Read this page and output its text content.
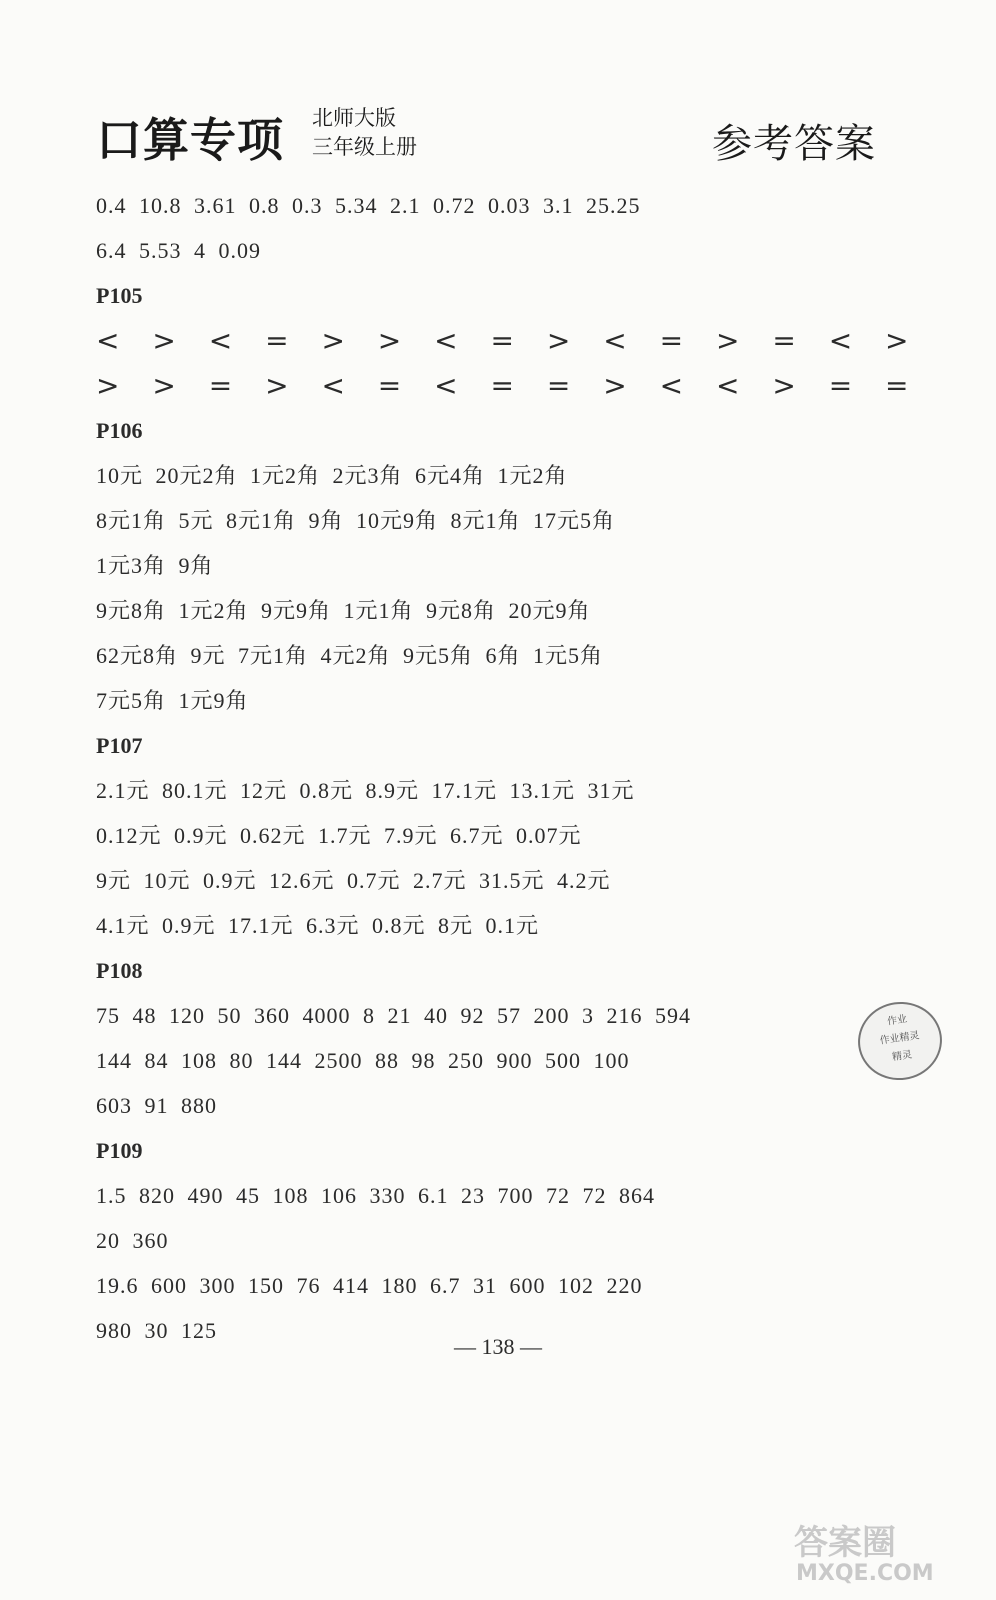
口算专项 北师大版
三年级上册	参考答案
0.4 10.8 3.61 0.8 0.3 5.34 2.1 0.72 0.03 3.1 25.25
6.4 5.53 4 0.09
P105
< > < = > > < = > < = > = < >
> > = > < = < = = > < < > = =
P106
10元 20元2角 1元2角 2元3角 6元4角 1元2角
8元1角 5元 8元1角 9角 10元9角 8元1角 17元5角
1元3角 9角
9元8角 1元2角 9元9角 1元1角 9元8角 20元9角
62元8角 9元 7元1角 4元2角 9元5角 6角 1元5角
7元5角 1元9角
P107
2.1元 80.1元 12元 0.8元 8.9元 17.1元 13.1元 31元
0.12元 0.9元 0.62元 1.7元 7.9元 6.7元 0.07元
9元 10元 0.9元 12.6元 0.7元 2.7元 31.5元 4.2元
4.1元 0.9元 17.1元 6.3元 0.8元 8元 0.1元
P108
75 48 120 50 360 4000 8 21 40 92 57 200 3 216 594
144 84 108 80 144 2500 88 98 250 900 500 100
603 91 880
P109
1.5 820 490 45 108 106 330 6.1 23 700 72 72 864
20 360
19.6 600 300 150 76 414 180 6.7 31 600 102 220
980 30 125
— 138 —
作业
作业精灵
精灵
答案圈
MXQE.COM
